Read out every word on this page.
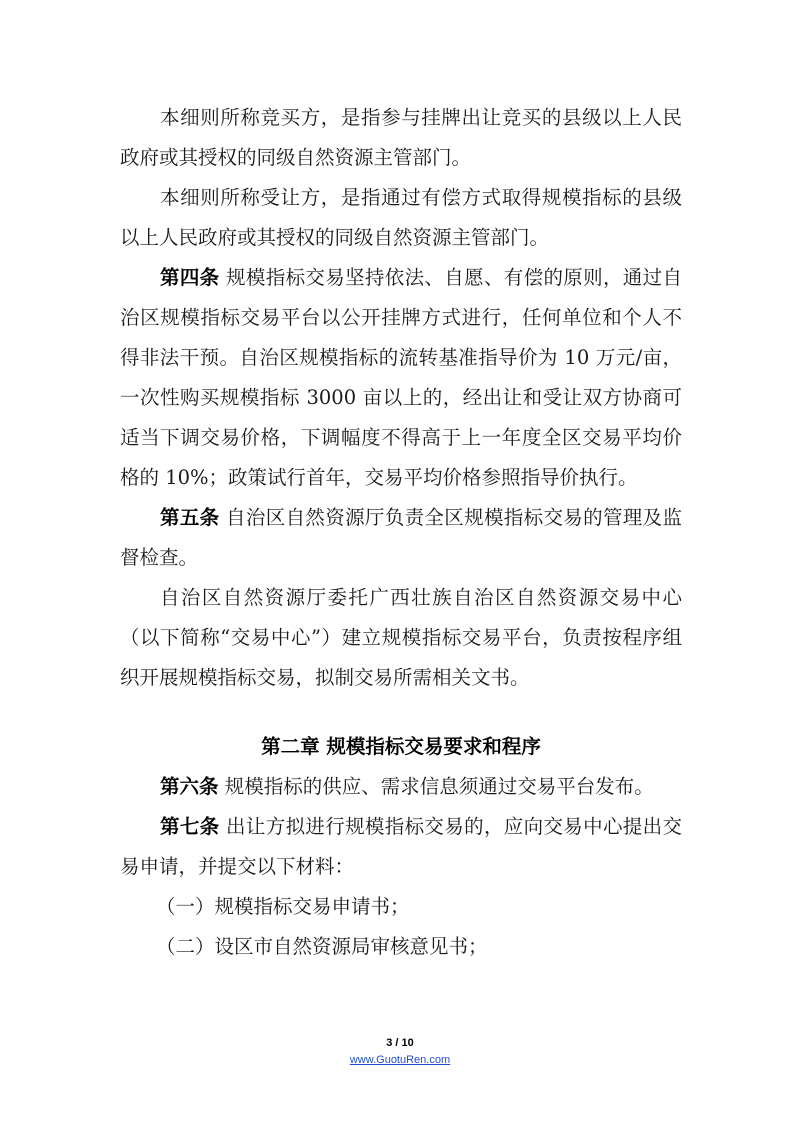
本细则所称竞买方，是指参与挂牌出让竞买的县级以上人民政府或其授权的同级自然资源主管部门。

本细则所称受让方，是指通过有偿方式取得规模指标的县级以上人民政府或其授权的同级自然资源主管部门。

第四条 规模指标交易坚持依法、自愿、有偿的原则，通过自治区规模指标交易平台以公开挂牌方式进行，任何单位和个人不得非法干预。自治区规模指标的流转基准指导价为 10 万元/亩，一次性购买规模指标 3000 亩以上的，经出让和受让双方协商可适当下调交易价格，下调幅度不得高于上一年度全区交易平均价格的 10%；政策试行首年，交易平均价格参照指导价执行。

第五条 自治区自然资源厅负责全区规模指标交易的管理及监督检查。

自治区自然资源厅委托广西壮族自治区自然资源交易中心（以下简称“交易中心”）建立规模指标交易平台，负责按程序组织开展规模指标交易，拟制交易所需相关文书。

第二章 规模指标交易要求和程序

第六条 规模指标的供应、需求信息须通过交易平台发布。

第七条 出让方拟进行规模指标交易的，应向交易中心提出交易申请，并提交以下材料：

（一）规模指标交易申请书；

（二）设区市自然资源局审核意见书；

3 / 10
www.GuotuRen.com
